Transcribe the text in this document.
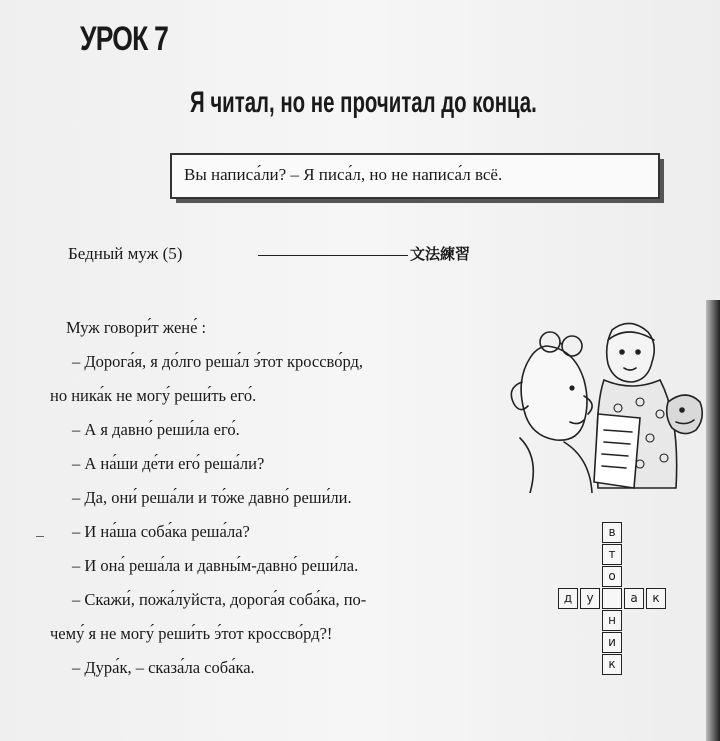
УРОК 7
Я читал, но не прочитал до конца.
Вы написа́ли? – Я писа́л, но не написа́л всё.
Бедный муж (5)	文法練習
Муж говори́т жене́ :
– Дорога́я, я до́лго реша́л э́тот кроссво́рд,
но ника́к не могу́ реши́ть его́.
– А я давно́ реши́ла его́.
– А на́ши де́ти его́ реша́ли?
– Да, они́ реша́ли и то́же давно́ реши́ли.
– И на́ша соба́ка реша́ла?
– И она́ реша́ла и давны́м-давно́ реши́ла.
– Скажи́, пожа́луйста, дорога́я соба́ка, по-
чему́ я не могу́ реши́ть э́тот кроссво́рд?!
– Дура́к, – сказа́ла соба́ка.
в
т
о
н
и
к
д	у	а	к
